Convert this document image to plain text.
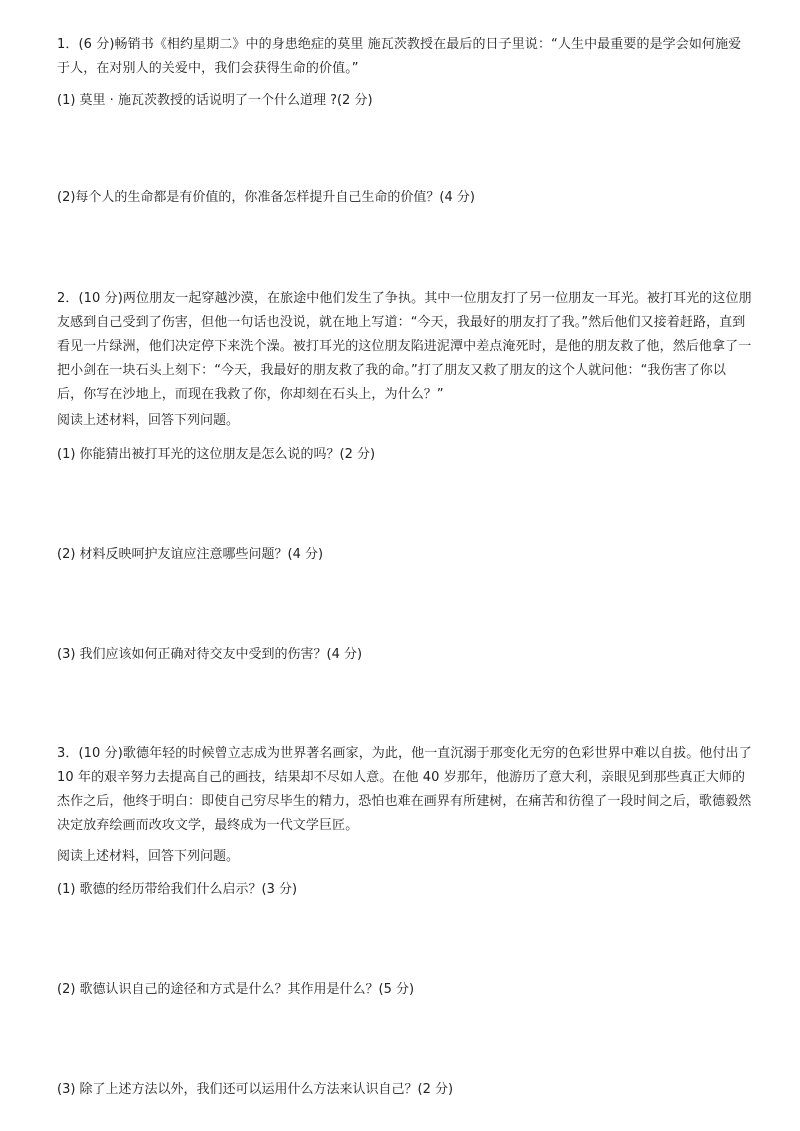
1．(6 分)畅销书《相约星期二》中的身患绝症的莫里 施瓦茨教授在最后的日子里说：“人生中最重要的是学会如何施爱于人，在对别人的关爱中，我们会获得生命的价值。”

(1) 莫里 · 施瓦茨教授的话说明了一个什么道理 ?(2 分)

(2)每个人的生命都是有价值的，你准备怎样提升自己生命的价值？(4 分)

2．(10 分)两位朋友一起穿越沙漠，在旅途中他们发生了争执。其中一位朋友打了另一位朋友一耳光。被打耳光的这位朋友感到自己受到了伤害，但他一句话也没说，就在地上写道：“今天，我最好的朋友打了我。”然后他们又接着赶路，直到看见一片绿洲，他们决定停下来洗个澡。被打耳光的这位朋友陷进泥潭中差点淹死时，是他的朋友救了他，然后他拿了一把小剑在一块石头上刻下：“今天，我最好的朋友救了我的命。”打了朋友又救了朋友的这个人就问他：“我伤害了你以后，你写在沙地上，而现在我救了你，你却刻在石头上，为什么？”

阅读上述材料，回答下列问题。

(1) 你能猜出被打耳光的这位朋友是怎么说的吗？(2 分)

(2) 材料反映呵护友谊应注意哪些问题？(4 分)

(3) 我们应该如何正确对待交友中受到的伤害？(4 分)

3．(10 分)歌德年轻的时候曾立志成为世界著名画家，为此，他一直沉溺于那变化无穷的色彩世界中难以自拔。他付出了 10 年的艰辛努力去提高自己的画技，结果却不尽如人意。在他 40 岁那年，他游历了意大利，亲眼见到那些真正大师的杰作之后，他终于明白：即使自己穷尽毕生的精力，恐怕也难在画界有所建树，在痛苦和彷徨了一段时间之后，歌德毅然决定放弃绘画而改攻文学，最终成为一代文学巨匠。

阅读上述材料，回答下列问题。

(1) 歌德的经历带给我们什么启示？(3 分)

(2) 歌德认识自己的途径和方式是什么？其作用是什么？(5 分)

(3) 除了上述方法以外，我们还可以运用什么方法来认识自己？(2 分)
